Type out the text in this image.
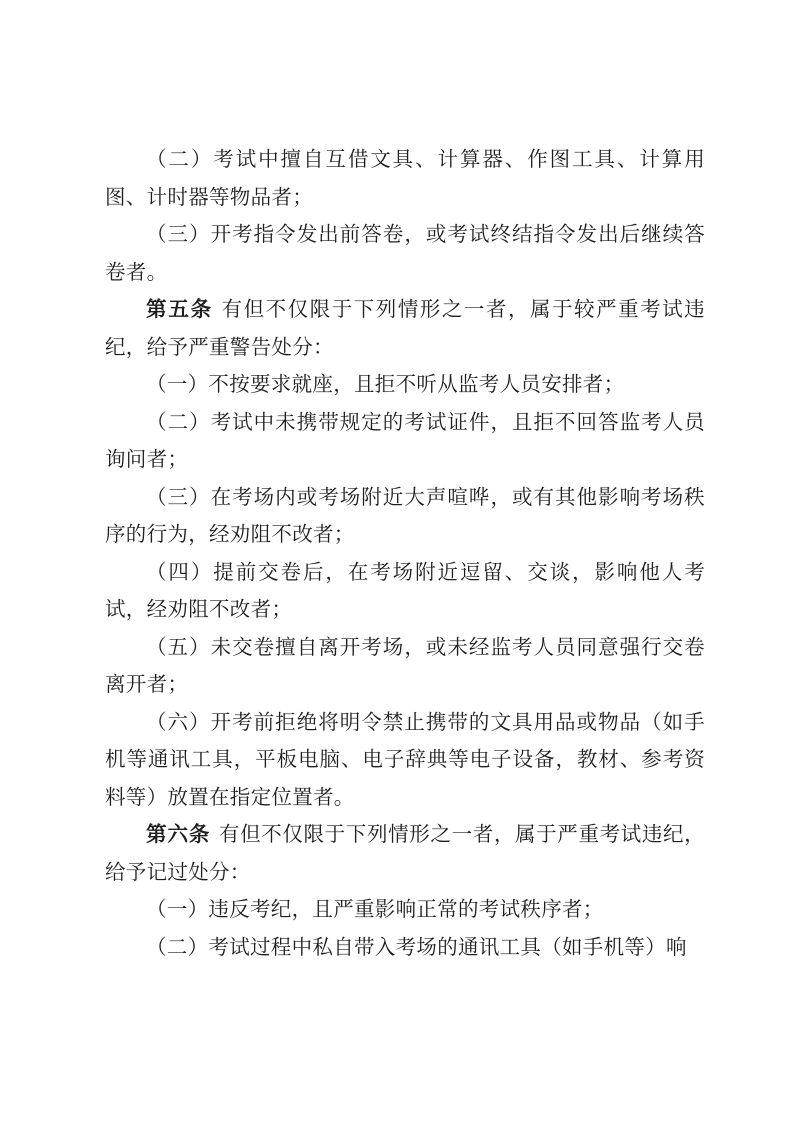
（二）考试中擅自互借文具、计算器、作图工具、计算用图、计时器等物品者；

（三）开考指令发出前答卷，或考试终结指令发出后继续答卷者。

第五条 有但不仅限于下列情形之一者，属于较严重考试违纪，给予严重警告处分：

（一）不按要求就座，且拒不听从监考人员安排者；

（二）考试中未携带规定的考试证件，且拒不回答监考人员询问者；

（三）在考场内或考场附近大声喧哗，或有其他影响考场秩序的行为，经劝阻不改者；

（四）提前交卷后，在考场附近逗留、交谈，影响他人考试，经劝阻不改者；

（五）未交卷擅自离开考场，或未经监考人员同意强行交卷离开者；

（六）开考前拒绝将明令禁止携带的文具用品或物品（如手机等通讯工具，平板电脑、电子辞典等电子设备，教材、参考资料等）放置在指定位置者。

第六条 有但不仅限于下列情形之一者，属于严重考试违纪，给予记过处分：

（一）违反考纪，且严重影响正常的考试秩序者；

（二）考试过程中私自带入考场的通讯工具（如手机等）响
